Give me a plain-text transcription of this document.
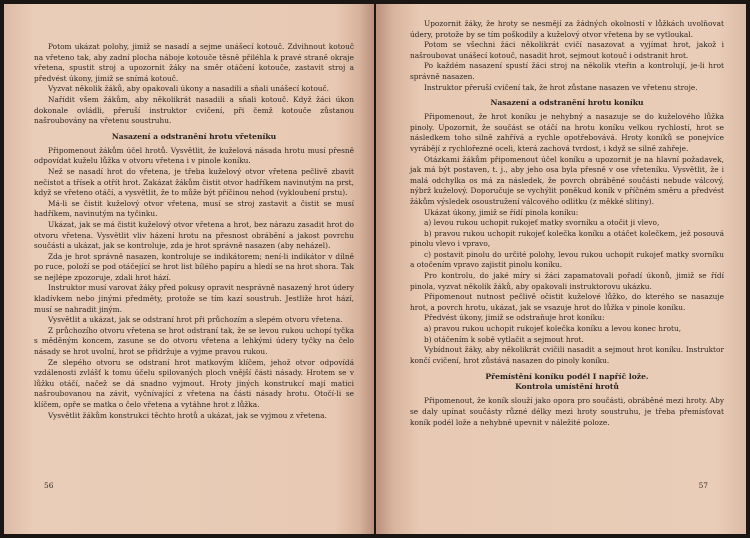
Potom ukázat polohy, jimiž se nasadí a sejme unášecí kotouč. Zdvihnout kotouč na vřeteno tak, aby zadní plocha náboje kotouče těsně přiléhla k pravé straně okraje vřetena, spustit stroj a upozornit žáky na směr otáčení kotouče, zastavit stroj a předvést úkony, jimiž se snímá kotouč.

Vyzvat několik žáků, aby opakovali úkony a nasadili a sňali unášecí kotouč.

Nařídit všem žákům, aby několikrát nasadili a sňali kotouč. Když žáci úkon dokonale ovládli, přeruší instruktor cvičení, při čemž kotouče zůstanou našroubovány na vřetenu soustruhu.

Nasazení a odstranění hrotu vřeteníku

Připomenout žákům účel hrotů. Vysvětlit, že kuželová násada hrotu musí přesně odpovídat kuželu lůžka v otvoru vřetena i v pinole koníku.

Než se nasadí hrot do vřetena, je třeba kuželový otvor vřetena pečlivě zbavit nečistot a třísek a otřít hrot. Zakázat žákům čistit otvor hadříkem navinutým na prst, když se vřeteno otáčí, a vysvětlit, že to může být příčinou nehod (vykloubení prstu).

Má-li se čistit kuželový otvor vřetena, musí se stroj zastavit a čistit se musí hadříkem, navinutým na tyčinku.

Ukázat, jak se má čistit kuželový otvor vřetena a hrot, bez nárazu zasadit hrot do otvoru vřetena. Vysvětlit vliv házení hrotu na přesnost obrábění a jakost povrchu součásti a ukázat, jak se kontroluje, zda je hrot správně nasazen (aby neházel).

Zda je hrot správně nasazen, kontroluje se indikátorem; není-li indikátor v dílně po ruce, položí se pod otáčející se hrot list bílého papíru a hledí se na hrot shora. Tak se nejlépe zpozoruje, zdali hrot hází.

Instruktor musí varovat žáky před pokusy opravit nesprávně nasazený hrot údery kladívkem nebo jinými předměty, protože se tím kazí soustruh. Jestliže hrot hází, musí se nahradit jiným.

Vysvětlit a ukázat, jak se odstraní hrot při průchozím a slepém otvoru vřetena.

Z průchozího otvoru vřetena se hrot odstraní tak, že se levou rukou uchopí tyčka s měděným koncem, zasune se do otvoru vřetena a lehkými údery tyčky na čelo násady se hrot uvolní, hrot se přidržuje a vyjme pravou rukou.

Ze slepého otvoru se odstraní hrot matkovým klíčem, jehož otvor odpovídá vzdálenosti zvlášť k tomu účelu spilovaných ploch vnější části násady. Hrotem se v lůžku otáčí, načež se dá snadno vyjmout. Hroty jiných konstrukcí mají matici našroubovanou na závit, vyčnívající z vřetena na části násady hrotu. Otočí-li se klíčem, opře se matka o čelo vřetena a vytáhne hrot z lůžka.

Vysvětlit žákům konstrukci těchto hrotů a ukázat, jak se vyjmou z vřetena.

56

Upozornit žáky, že hroty se nesmějí za žádných okolností v lůžkách uvolňovat údery, protože by se tím poškodily a kuželový otvor vřetena by se vytloukal.

Potom se všechni žáci několikrát cvičí nasazovat a vyjímat hrot, jakož i našroubovat unášecí kotouč, nasadit hrot, sejmout kotouč i odstranit hrot.

Po každém nasazení spustí žáci stroj na několik vteřin a kontrolují, je-li hrot správně nasazen.

Instruktor přeruší cvičení tak, že hrot zůstane nasazen ve vřetenu stroje.

Nasazení a odstranění hrotu koníku

Připomenout, že hrot koníku je nehybný a nasazuje se do kuželového lůžka pinoly. Upozornit, že součást se otáčí na hrotu koníku velkou rychlostí, hrot se následkem toho silně zahřívá a rychle opotřebovává. Hroty koníků se ponejvíce vyrábějí z rychlořezné oceli, která zachová tvrdost, i když se silně zahřeje.

Otázkami žákům připomenout účel koníku a upozornit je na hlavní požadavek, jak má být postaven, t. j., aby jeho osa byla přesně v ose vřeteníku. Vysvětlit, že i malá odchylka os má za následek, že povrch obráběné součásti nebude válcový, nýbrž kuželový. Doporučuje se vychýlit poněkud koník v příčném směru a předvést žákům výsledek osoustružení válcového odlitku (z měkké slitiny).

Ukázat úkony, jimiž se řídí pinola koníku:

a) levou rukou uchopit rukojeť matky svorníku a otočit ji vlevo,

b) pravou rukou uchopit rukojeť kolečka koníku a otáčet kolečkem, jež posouvá pinolu vlevo i vpravo,

c) postavit pinolu do určité polohy, levou rukou uchopit rukojeť matky svorníku a otočením vpravo zajistit pinolu koníku.

Pro kontrolu, do jaké míry si žáci zapamatovali pořadí úkonů, jimiž se řídí pinola, vyzvat několik žáků, aby opakovali instruktorovu ukázku.

Připomenout nutnost pečlivě očistit kuželové lůžko, do kterého se nasazuje hrot, a povrch hrotu, ukázat, jak se vsazuje hrot do lůžka v pinole koníku.

Předvést úkony, jimiž se odstraňuje hrot koníku:

a) pravou rukou uchopit rukojeť kolečka koníku a levou konec hrotu,

b) otáčením k sobě vytlačit a sejmout hrot.

Vybídnout žáky, aby několikrát cvičili nasadit a sejmout hrot koníku. Instruktor končí cvičení, hrot zůstává nasazen do pinoly koníku.

Přemístění koníku podél I napříč lože.
Kontrola umístění hrotů

Připomenout, že koník slouží jako opora pro součásti, obráběné mezi hroty. Aby se daly upínat součásty různé délky mezi hroty soustruhu, je třeba přemísťovat koník podél lože a nehybně upevnit v náležité poloze.

57
